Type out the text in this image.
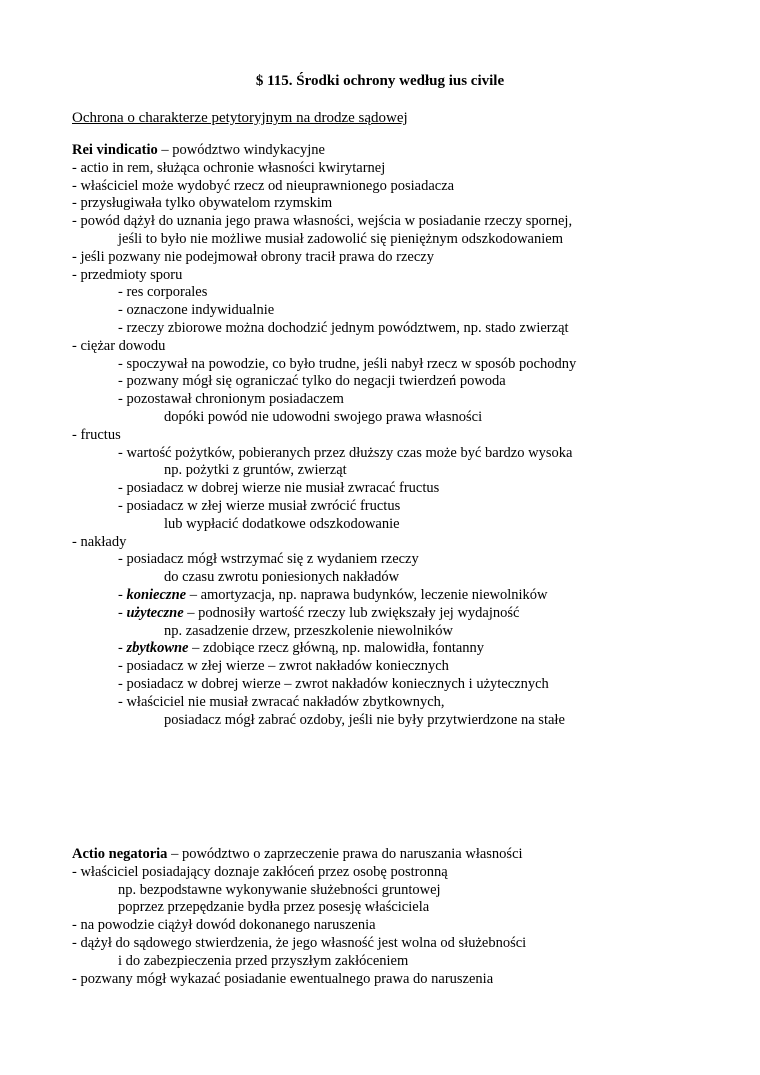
$ 115. Środki ochrony według ius civile
Ochrona o charakterze petytoryjnym na drodze sądowej
Rei vindicatio – powództwo windykacyjne
- actio in rem, służąca ochronie własności kwirytarnej
- właściciel może wydobyć rzecz od nieuprawnionego posiadacza
- przysługiwała tylko obywatelom rzymskim
- powód dążył do uznania jego prawa własności, wejścia w posiadanie rzeczy spornej,
jeśli to było nie możliwe musiał zadowolić się pieniężnym odszkodowaniem
- jeśli pozwany nie podejmował obrony tracił prawa do rzeczy
- przedmioty sporu
- res corporales
- oznaczone indywidualnie
- rzeczy zbiorowe można dochodzić jednym powództwem, np. stado zwierząt
- ciężar dowodu
- spoczywał na powodzie, co było trudne, jeśli nabył rzecz w sposób pochodny
- pozwany mógł się ograniczać tylko do negacji twierdzeń powoda
- pozostawał chronionym posiadaczem
dopóki powód nie udowodni swojego prawa własności
- fructus
- wartość pożytków, pobieranych przez dłuższy czas może być bardzo wysoka
np. pożytki z gruntów, zwierząt
- posiadacz w dobrej wierze nie musiał zwracać fructus
- posiadacz w złej wierze musiał zwrócić fructus
lub wypłacić dodatkowe odszkodowanie
- nakłady
- posiadacz mógł wstrzymać się z wydaniem rzeczy
do czasu zwrotu poniesionych nakładów
- konieczne – amortyzacja, np. naprawa budynków, leczenie niewolników
- użyteczne – podnosiły wartość rzeczy lub zwiększały jej wydajność
np. zasadzenie drzew, przeszkolenie niewolników
- zbytkowne – zdobiące rzecz główną, np. malowidła, fontanny
- posiadacz w złej wierze – zwrot nakładów koniecznych
- posiadacz w dobrej wierze – zwrot nakładów koniecznych i użytecznych
- właściciel nie musiał zwracać nakładów zbytkownych,
posiadacz mógł zabrać ozdoby, jeśli nie były przytwierdzone na stałe
Actio negatoria – powództwo o zaprzeczenie prawa do naruszania własności
- właściciel posiadający doznaje zakłóceń przez osobę postronną
np. bezpodstawne wykonywanie służebności gruntowej
poprzez przepędzanie bydła przez posesję właściciela
- na powodzie ciążył dowód dokonanego naruszenia
- dążył do sądowego stwierdzenia, że jego własność jest wolna od służebności
i do zabezpieczenia przed przyszłym zakłóceniem
- pozwany mógł wykazać posiadanie ewentualnego prawa do naruszenia
